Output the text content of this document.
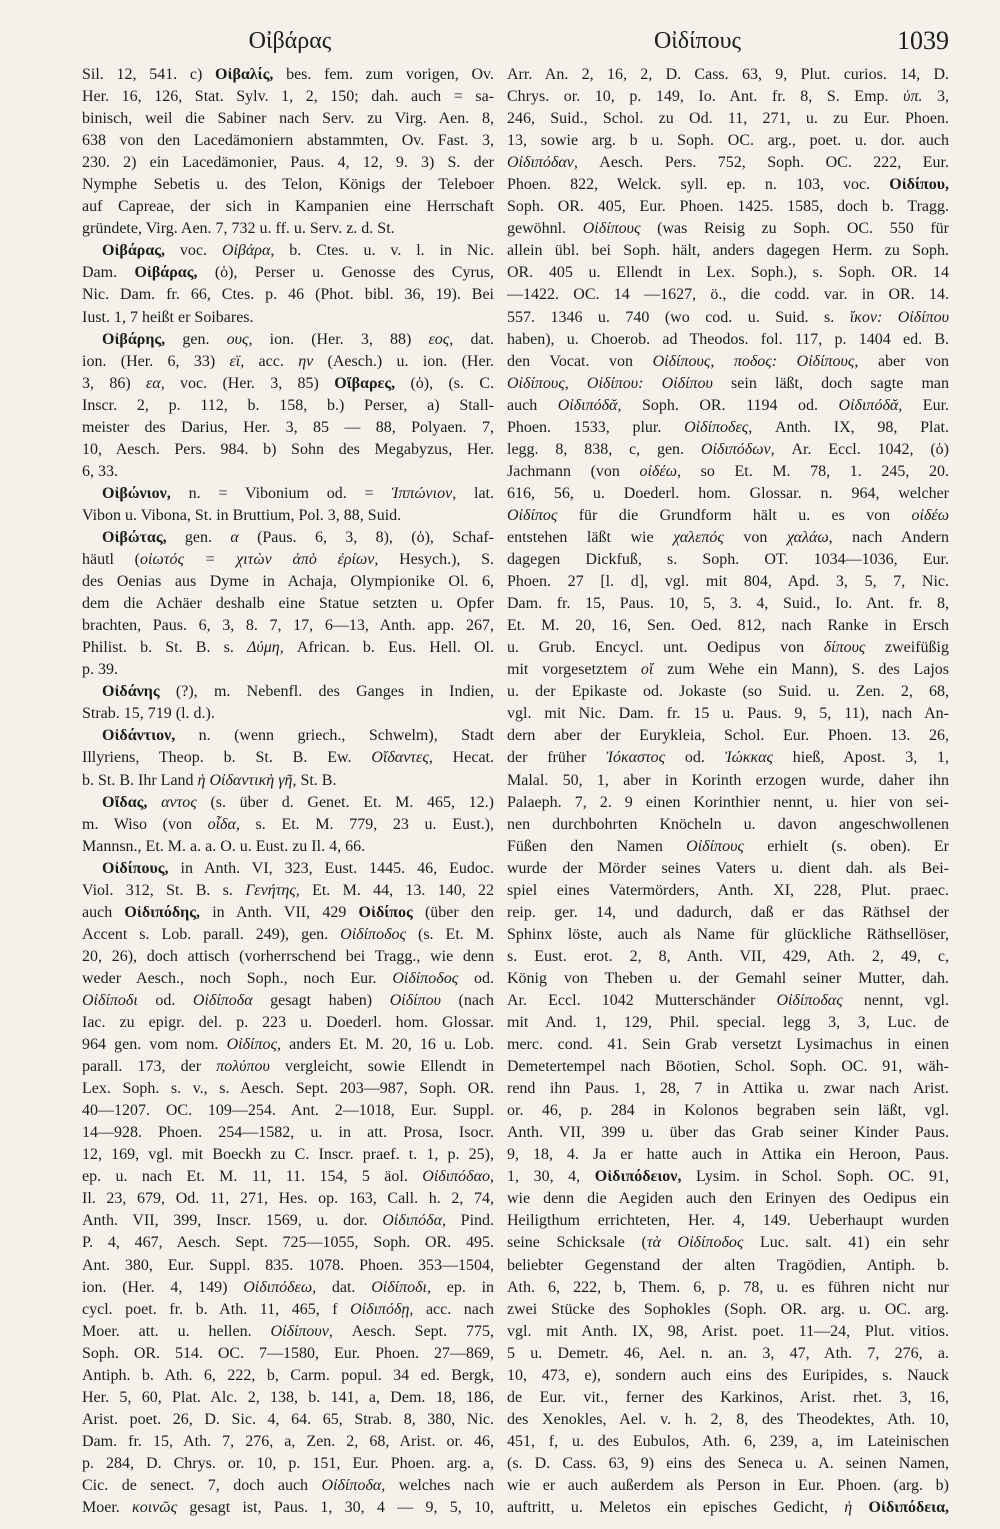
Οἰβάρας	Οἰδίπους	1039
Sil. 12, 541. c) Οἰβαλίς, bes. fem. zum vorigen, Ov.
Her. 16, 126, Stat. Sylv. 1, 2, 150; dah. auch = sa-
binisch, weil die Sabiner nach Serv. zu Virg. Aen. 8,
638 von den Lacedämoniern abstammten, Ov. Fast. 3,
230. 2) ein Lacedämonier, Paus. 4, 12, 9. 3) S. der
Nymphe Sebetis u. des Telon, Königs der Teleboer
auf Capreae, der sich in Kampanien eine Herrschaft
gründete, Virg. Aen. 7, 732 u. ff. u. Serv. z. d. St.
Οἰβάρας, voc. Οἰβάρα, b. Ctes. u. v. l. in Nic.
Dam. Οἰβάρας, (ὁ), Perser u. Genosse des Cyrus,
Nic. Dam. fr. 66, Ctes. p. 46 (Phot. bibl. 36, 19). Bei
Iust. 1, 7 heißt er Soibares.
Οἰβάρης, gen. ους, ion. (Her. 3, 88) εος, dat.
ion. (Her. 6, 33) εϊ, acc. ην (Aesch.) u. ion. (Her.
3, 86) εα, voc. (Her. 3, 85) Οἴβαρες, (ὁ), (s. C.
Inscr. 2, p. 112, b. 158, b.) Perser, a) Stall-
meister des Darius, Her. 3, 85 — 88, Polyaen. 7,
10, Aesch. Pers. 984. b) Sohn des Megabyzus, Her.
6, 33.
Οἰβώνιον, n. = Vibonium od. = Ἱππώνιον, lat.
Vibon u. Vibona, St. in Bruttium, Pol. 3, 88, Suid.
Οἰβώτας, gen. α (Paus. 6, 3, 8), (ὁ), Schaf-
häutl (οἰωτός = χιτὼν ἀπὸ ἐρίων, Hesych.), S.
des Oenias aus Dyme in Achaja, Olympionike Ol. 6,
dem die Achäer deshalb eine Statue setzten u. Opfer
brachten, Paus. 6, 3, 8. 7, 17, 6—13, Anth. app. 267,
Philist. b. St. B. s. Δύμη, African. b. Eus. Hell. Ol.
p. 39.
Οἰδάνης (?), m. Nebenfl. des Ganges in Indien,
Strab. 15, 719 (l. d.).
Οἰδάντιον, n. (wenn griech., Schwelm), Stadt
Illyriens, Theop. b. St. B. Ew. Οἴδαντες, Hecat.
b. St. B. Ihr Land ἡ Οἰδαντικὴ γῆ, St. B.
Οἴδας, αντος (s. über d. Genet. Et. M. 465, 12.)
m. Wiso (von οἶδα, s. Et. M. 779, 23 u. Eust.),
Mannsn., Et. M. a. a. O. u. Eust. zu Il. 4, 66.
Οἰδίπους, in Anth. VI, 323, Eust. 1445. 46, Eudoc.
Viol. 312, St. B. s. Γενήτης, Et. M. 44, 13. 140, 22
auch Οἰδιπόδης, in Anth. VII, 429 Οἰδίπος (über den
Accent s. Lob. parall. 249), gen. Οἰδίποδος (s. Et. M.
20, 26), doch attisch (vorherrschend bei Tragg., wie denn
weder Aesch., noch Soph., noch Eur. Οἰδίποδος od.
Οἰδίποδι od. Οἰδίποδα gesagt haben) Οἰδίπου (nach
Iac. zu epigr. del. p. 223 u. Doederl. hom. Glossar.
964 gen. vom nom. Οἰδίπος, anders Et. M. 20, 16 u. Lob.
parall. 173, der πολύπου vergleicht, sowie Ellendt in
Lex. Soph. s. v., s. Aesch. Sept. 203—987, Soph. OR.
40—1207. OC. 109—254. Ant. 2—1018, Eur. Suppl.
14—928. Phoen. 254—1582, u. in att. Prosa, Isocr.
12, 169, vgl. mit Boeckh zu C. Inscr. praef. t. 1, p. 25),
ep. u. nach Et. M. 11, 11. 154, 5 äol. Οἰδιπόδαο,
Il. 23, 679, Od. 11, 271, Hes. op. 163, Call. h. 2, 74,
Anth. VII, 399, Inscr. 1569, u. dor. Οἰδιπόδα, Pind.
P. 4, 467, Aesch. Sept. 725—1055, Soph. OR. 495.
Ant. 380, Eur. Suppl. 835. 1078. Phoen. 353—1504,
ion. (Her. 4, 149) Οἰδιπόδεω, dat. Οἰδίποδι, ep. in
cycl. poet. fr. b. Ath. 11, 465, f Οἰδιπόδῃ, acc. nach
Moer. att. u. hellen. Οἰδίπουν, Aesch. Sept. 775,
Soph. OR. 514. OC. 7—1580, Eur. Phoen. 27—869,
Antiph. b. Ath. 6, 222, b, Carm. popul. 34 ed. Bergk,
Her. 5, 60, Plat. Alc. 2, 138, b. 141, a, Dem. 18, 186,
Arist. poet. 26, D. Sic. 4, 64. 65, Strab. 8, 380, Nic.
Dam. fr. 15, Ath. 7, 276, a, Zen. 2, 68, Arist. or. 46,
p. 284, D. Chrys. or. 10, p. 151, Eur. Phoen. arg. a,
Cic. de senect. 7, doch auch Οἰδίποδα, welches nach
Moer. κοινῶς gesagt ist, Paus. 1, 30, 4 — 9, 5, 10,
Arr. An. 2, 16, 2, D. Cass. 63, 9, Plut. curios. 14, D.
Chrys. or. 10, p. 149, Io. Ant. fr. 8, S. Emp. ὑπ. 3,
246, Suid., Schol. zu Od. 11, 271, u. zu Eur. Phoen.
13, sowie arg. b u. Soph. OC. arg., poet. u. dor. auch
Οἰδιπόδαν, Aesch. Pers. 752, Soph. OC. 222, Eur.
Phoen. 822, Welck. syll. ep. n. 103, voc. Οἰδίπου,
Soph. OR. 405, Eur. Phoen. 1425. 1585, doch b. Tragg.
gewöhnl. Οἰδίπους (was Reisig zu Soph. OC. 550 für
allein übl. bei Soph. hält, anders dagegen Herm. zu Soph.
OR. 405 u. Ellendt in Lex. Soph.), s. Soph. OR. 14
—1422. OC. 14 —1627, ö., die codd. var. in OR. 14.
557. 1346 u. 740 (wo cod. u. Suid. s. ἴκον: Οἰδίπου
haben), u. Choerob. ad Theodos. fol. 117, p. 1404 ed. B.
den Vocat. von Οἰδίπους, ποδος: Οἰδίπους, aber von
Οἰδίπους, Οἰδίπου: Οἰδίπου sein läßt, doch sagte man
auch Οἰδιπόδᾰ, Soph. OR. 1194 od. Οἰδιπόδᾰ, Eur.
Phoen. 1533, plur. Οἰδίποδες, Anth. IX, 98, Plat.
legg. 8, 838, c, gen. Οἰδιπόδων, Ar. Eccl. 1042, (ὁ)
Jachmann (von οἰδέω, so Et. M. 78, 1. 245, 20.
616, 56, u. Doederl. hom. Glossar. n. 964, welcher
Οἰδίπος für die Grundform hält u. es von οἰδέω
entstehen läßt wie χαλεπός von χαλάω, nach Andern
dagegen Dickfuß, s. Soph. OT. 1034—1036, Eur.
Phoen. 27 [l. d], vgl. mit 804, Apd. 3, 5, 7, Nic.
Dam. fr. 15, Paus. 10, 5, 3. 4, Suid., Io. Ant. fr. 8,
Et. M. 20, 16, Sen. Oed. 812, nach Ranke in Ersch
u. Grub. Encycl. unt. Oedipus von δίπους zweifüßig
mit vorgesetztem οἴ zum Wehe ein Mann), S. des Lajos
u. der Epikaste od. Jokaste (so Suid. u. Zen. 2, 68,
vgl. mit Nic. Dam. fr. 15 u. Paus. 9, 5, 11), nach An-
dern aber der Eurykleia, Schol. Eur. Phoen. 13. 26,
der früher Ἰόκαστος od. Ἰώκκας hieß, Apost. 3, 1,
Malal. 50, 1, aber in Korinth erzogen wurde, daher ihn
Palaeph. 7, 2. 9 einen Korinthier nennt, u. hier von sei-
nen durchbohrten Knöcheln u. davon angeschwollenen
Füßen den Namen Οἰδίπους erhielt (s. oben). Er
wurde der Mörder seines Vaters u. dient dah. als Bei-
spiel eines Vatermörders, Anth. XI, 228, Plut. praec.
reip. ger. 14, und dadurch, daß er das Räthsel der
Sphinx löste, auch als Name für glückliche Räthsellöser,
s. Eust. erot. 2, 8, Anth. VII, 429, Ath. 2, 49, c,
König von Theben u. der Gemahl seiner Mutter, dah.
Ar. Eccl. 1042 Mutterschänder Οἰδίποδας nennt, vgl.
mit And. 1, 129, Phil. special. legg 3, 3, Luc. de
merc. cond. 41. Sein Grab versetzt Lysimachus in einen
Demetertempel nach Böotien, Schol. Soph. OC. 91, wäh-
rend ihn Paus. 1, 28, 7 in Attika u. zwar nach Arist.
or. 46, p. 284 in Kolonos begraben sein läßt, vgl.
Anth. VII, 399 u. über das Grab seiner Kinder Paus.
9, 18, 4. Ja er hatte auch in Attika ein Heroon, Paus.
1, 30, 4, Οἰδιπόδειον, Lysim. in Schol. Soph. OC. 91,
wie denn die Aegiden auch den Erinyen des Oedipus ein
Heiligthum errichteten, Her. 4, 149. Ueberhaupt wurden
seine Schicksale (τὰ Οἰδίποδος Luc. salt. 41) ein sehr
beliebter Gegenstand der alten Tragödien, Antiph. b.
Ath. 6, 222, b, Them. 6, p. 78, u. es führen nicht nur
zwei Stücke des Sophokles (Soph. OR. arg. u. OC. arg.
vgl. mit Anth. IX, 98, Arist. poet. 11—24, Plut. vitios.
5 u. Demetr. 46, Ael. n. an. 3, 47, Ath. 7, 276, a.
10, 473, e), sondern auch eins des Euripides, s. Nauck
de Eur. vit., ferner des Karkinos, Arist. rhet. 3, 16,
des Xenokles, Ael. v. h. 2, 8, des Theodektes, Ath. 10,
451, f, u. des Eubulos, Ath. 6, 239, a, im Lateinischen
(s. D. Cass. 63, 9) eins des Seneca u. A. seinen Namen,
wie er auch außerdem als Person in Eur. Phoen. (arg. b)
auftritt, u. Meletos ein episches Gedicht, ἡ Οἰδιπόδεια,
